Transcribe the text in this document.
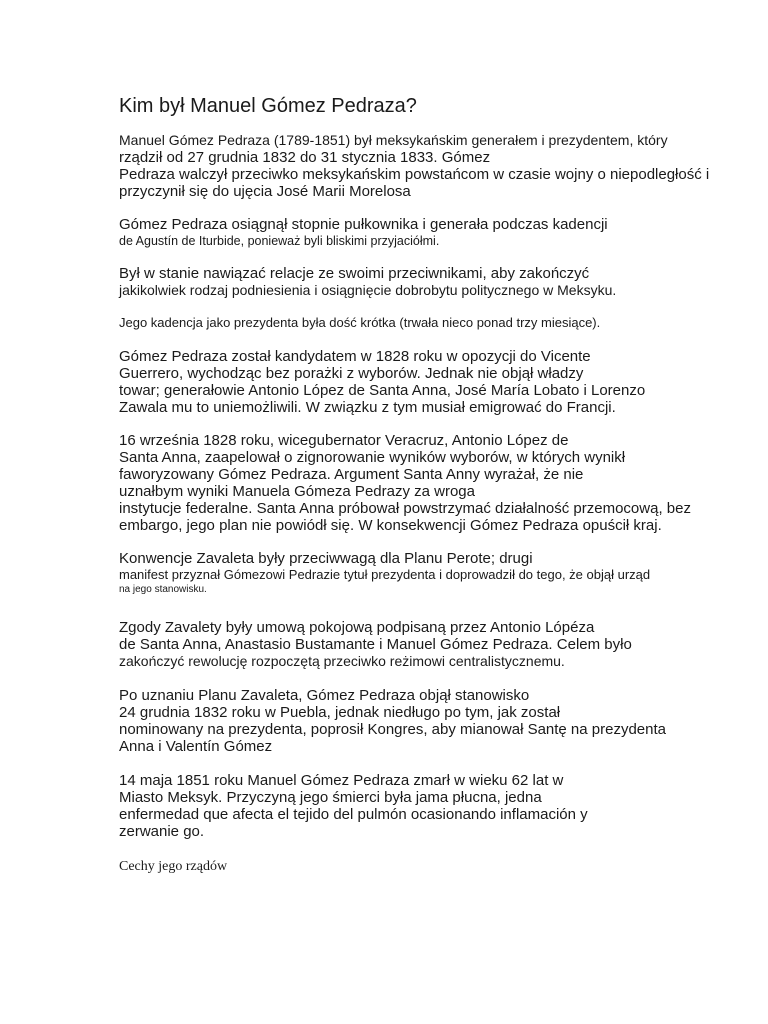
Kim był Manuel Gómez Pedraza?

Manuel Gómez Pedraza (1789-1851) był meksykańskim generałem i prezydentem, który
rządził od 27 grudnia 1832 do 31 stycznia 1833. Gómez
Pedraza walczył przeciwko meksykańskim powstańcom w czasie wojny o niepodległość i
przyczynił się do ujęcia José Marii Morelosa

Gómez Pedraza osiągnął stopnie pułkownika i generała podczas kadencji
de Agustín de Iturbide, ponieważ byli bliskimi przyjaciółmi.

Był w stanie nawiązać relacje ze swoimi przeciwnikami, aby zakończyć
jakikolwiek rodzaj podniesienia i osiągnięcie dobrobytu politycznego w Meksyku.

Jego kadencja jako prezydenta była dość krótka (trwała nieco ponad trzy miesiące).

Gómez Pedraza został kandydatem w 1828 roku w opozycji do Vicente
Guerrero, wychodząc bez porażki z wyborów. Jednak nie objął władzy
towar; generałowie Antonio López de Santa Anna, José María Lobato i Lorenzo
Zawala mu to uniemożliwili. W związku z tym musiał emigrować do Francji.

16 września 1828 roku, wicegubernator Veracruz, Antonio López de
Santa Anna, zaapelował o zignorowanie wyników wyborów, w których wynikł
faworyzowany Gómez Pedraza. Argument Santa Anny wyrażał, że nie
uznałbym wyniki Manuela Gómeza Pedrazy za wroga
instytucje federalne. Santa Anna próbował powstrzymać działalność przemocową, bez
embargo, jego plan nie powiódł się. W konsekwencji Gómez Pedraza opuścił kraj.

Konwencje Zavaleta były przeciwwagą dla Planu Perote; drugi
manifest przyznał Gómezowi Pedrazie tytuł prezydenta i doprowadził do tego, że objął urząd
na jego stanowisku.

Zgody Zavalety były umową pokojową podpisaną przez Antonio Lópéza
de Santa Anna, Anastasio Bustamante i Manuel Gómez Pedraza. Celem było
zakończyć rewolucję rozpoczętą przeciwko reżimowi centralistycznemu.

Po uznaniu Planu Zavaleta, Gómez Pedraza objął stanowisko
24 grudnia 1832 roku w Puebla, jednak niedługo po tym, jak został
nominowany na prezydenta, poprosił Kongres, aby mianował Santę na prezydenta
Anna i Valentín Gómez

14 maja 1851 roku Manuel Gómez Pedraza zmarł w wieku 62 lat w
Miasto Meksyk. Przyczyną jego śmierci była jama płucna, jedna
enfermedad que afecta el tejido del pulmón ocasionando inflamación y
zerwanie go.

Cechy jego rządów
